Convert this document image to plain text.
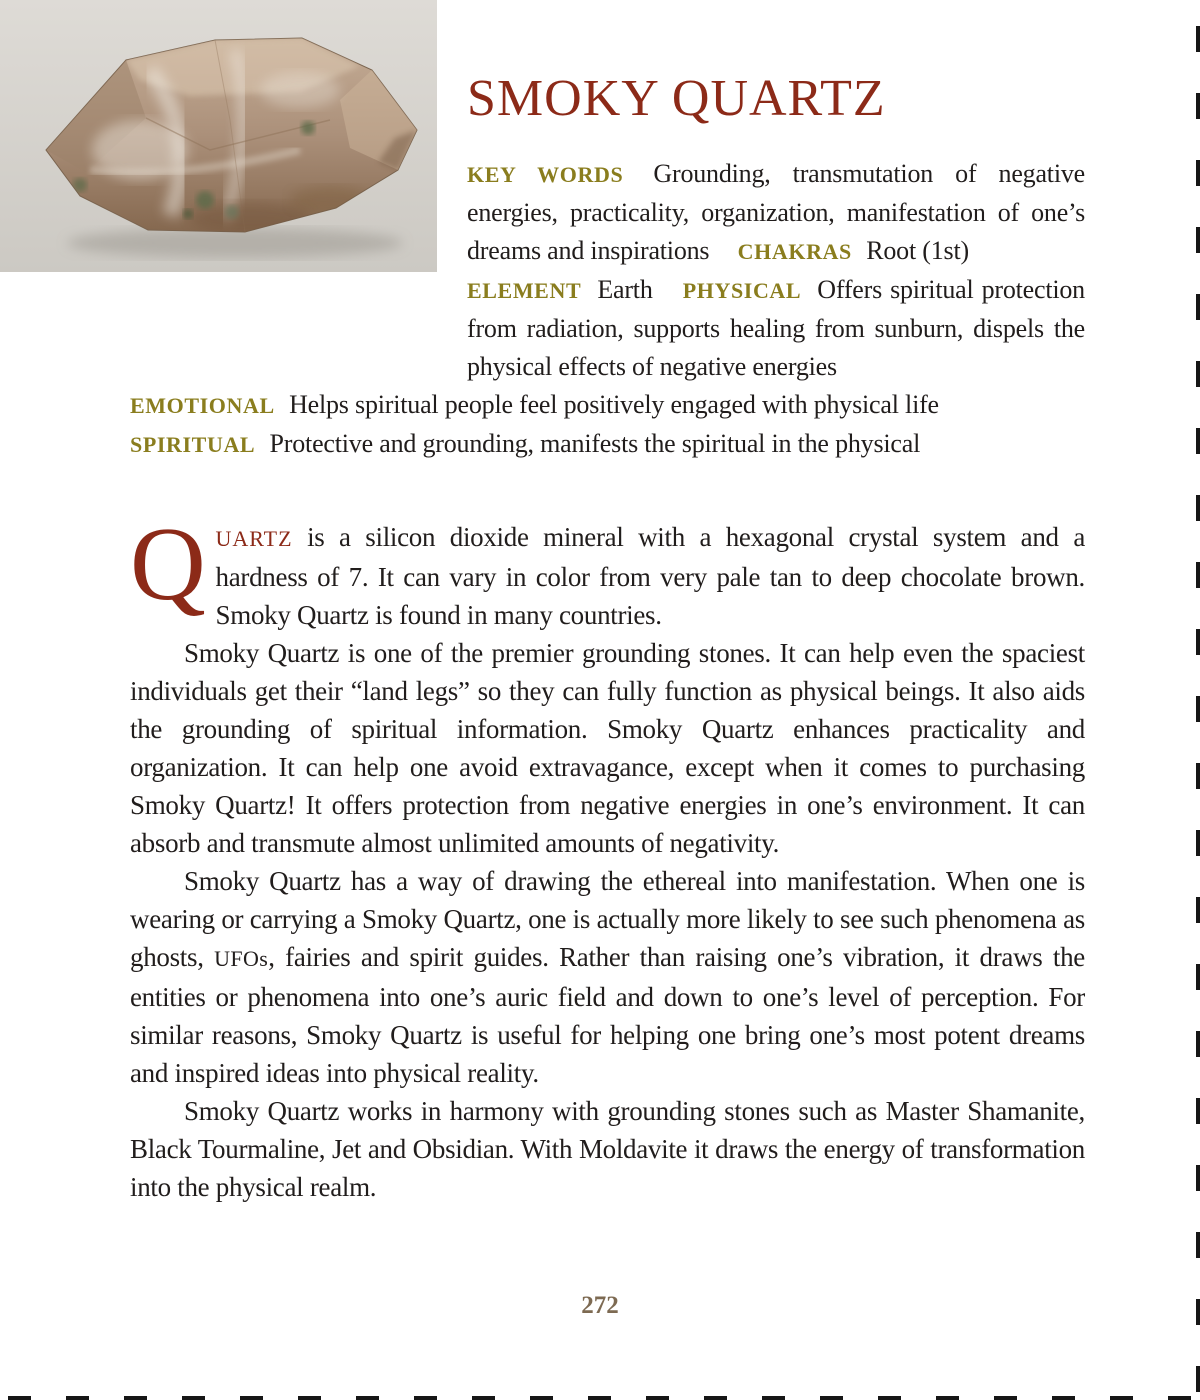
SMOKY QUARTZ

KEY WORDS Grounding, transmutation of negative energies, practicality, organization, manifestation of one’s dreams and inspirations CHAKRAS Root (1st)
ELEMENT Earth PHYSICAL Offers spiritual protection from radiation, supports healing from sunburn, dispels the physical effects of negative energies
EMOTIONAL Helps spiritual people feel positively engaged with physical life
SPIRITUAL Protective and grounding, manifests the spiritual in the physical

QUARTZ is a silicon dioxide mineral with a hexagonal crystal system and a hardness of 7. It can vary in color from very pale tan to deep chocolate brown. Smoky Quartz is found in many countries.

Smoky Quartz is one of the premier grounding stones. It can help even the spaciest individuals get their “land legs” so they can fully function as physical beings. It also aids the grounding of spiritual information. Smoky Quartz enhances practicality and organization. It can help one avoid extravagance, except when it comes to purchasing Smoky Quartz! It offers protection from negative energies in one’s environment. It can absorb and transmute almost unlimited amounts of negativity.

Smoky Quartz has a way of drawing the ethereal into manifestation. When one is wearing or carrying a Smoky Quartz, one is actually more likely to see such phenomena as ghosts, UFOs, fairies and spirit guides. Rather than raising one’s vibration, it draws the entities or phenomena into one’s auric field and down to one’s level of perception. For similar reasons, Smoky Quartz is useful for helping one bring one’s most potent dreams and inspired ideas into physical reality.

Smoky Quartz works in harmony with grounding stones such as Master Shamanite, Black Tourmaline, Jet and Obsidian. With Moldavite it draws the energy of transformation into the physical realm.

272
